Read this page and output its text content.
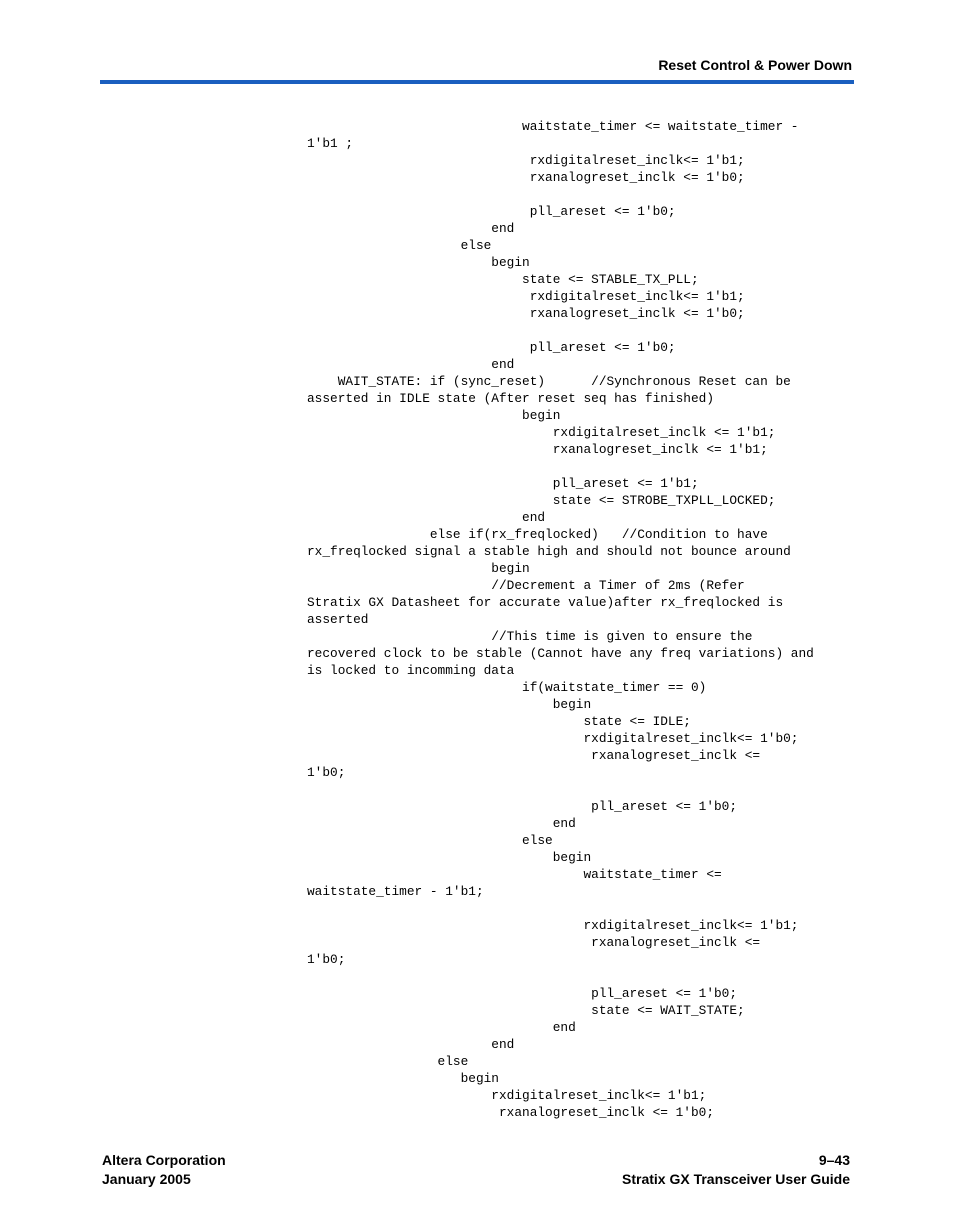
Reset Control & Power Down
waitstate_timer <= waitstate_timer -
1'b1 ;
rxdigitalreset_inclk<= 1'b1;
rxanalogreset_inclk <= 1'b0;
pll_areset <= 1'b0;
end
else
begin
state <= STABLE_TX_PLL;
rxdigitalreset_inclk<= 1'b1;
rxanalogreset_inclk <= 1'b0;
pll_areset <= 1'b0;
end
WAIT_STATE: if (sync_reset)      //Synchronous Reset can be
asserted in IDLE state (After reset seq has finished)
begin
rxdigitalreset_inclk <= 1'b1;
rxanalogreset_inclk <= 1'b1;
pll_areset <= 1'b1;
state <= STROBE_TXPLL_LOCKED;
end
else if(rx_freqlocked)   //Condition to have
rx_freqlocked signal a stable high and should not bounce around
begin
//Decrement a Timer of 2ms (Refer
Stratix GX Datasheet for accurate value)after rx_freqlocked is
asserted
//This time is given to ensure the
recovered clock to be stable (Cannot have any freq variations) and
is locked to incomming data
if(waitstate_timer == 0)
begin
state <= IDLE;
rxdigitalreset_inclk<= 1'b0;
rxanalogreset_inclk <=
1'b0;
pll_areset <= 1'b0;
end
else
begin
waitstate_timer <=
waitstate_timer - 1'b1;
rxdigitalreset_inclk<= 1'b1;
rxanalogreset_inclk <=
1'b0;
pll_areset <= 1'b0;
state <= WAIT_STATE;
end
end
else
begin
rxdigitalreset_inclk<= 1'b1;
rxanalogreset_inclk <= 1'b0;
Altera Corporation
January 2005
9–43
Stratix GX Transceiver User Guide
